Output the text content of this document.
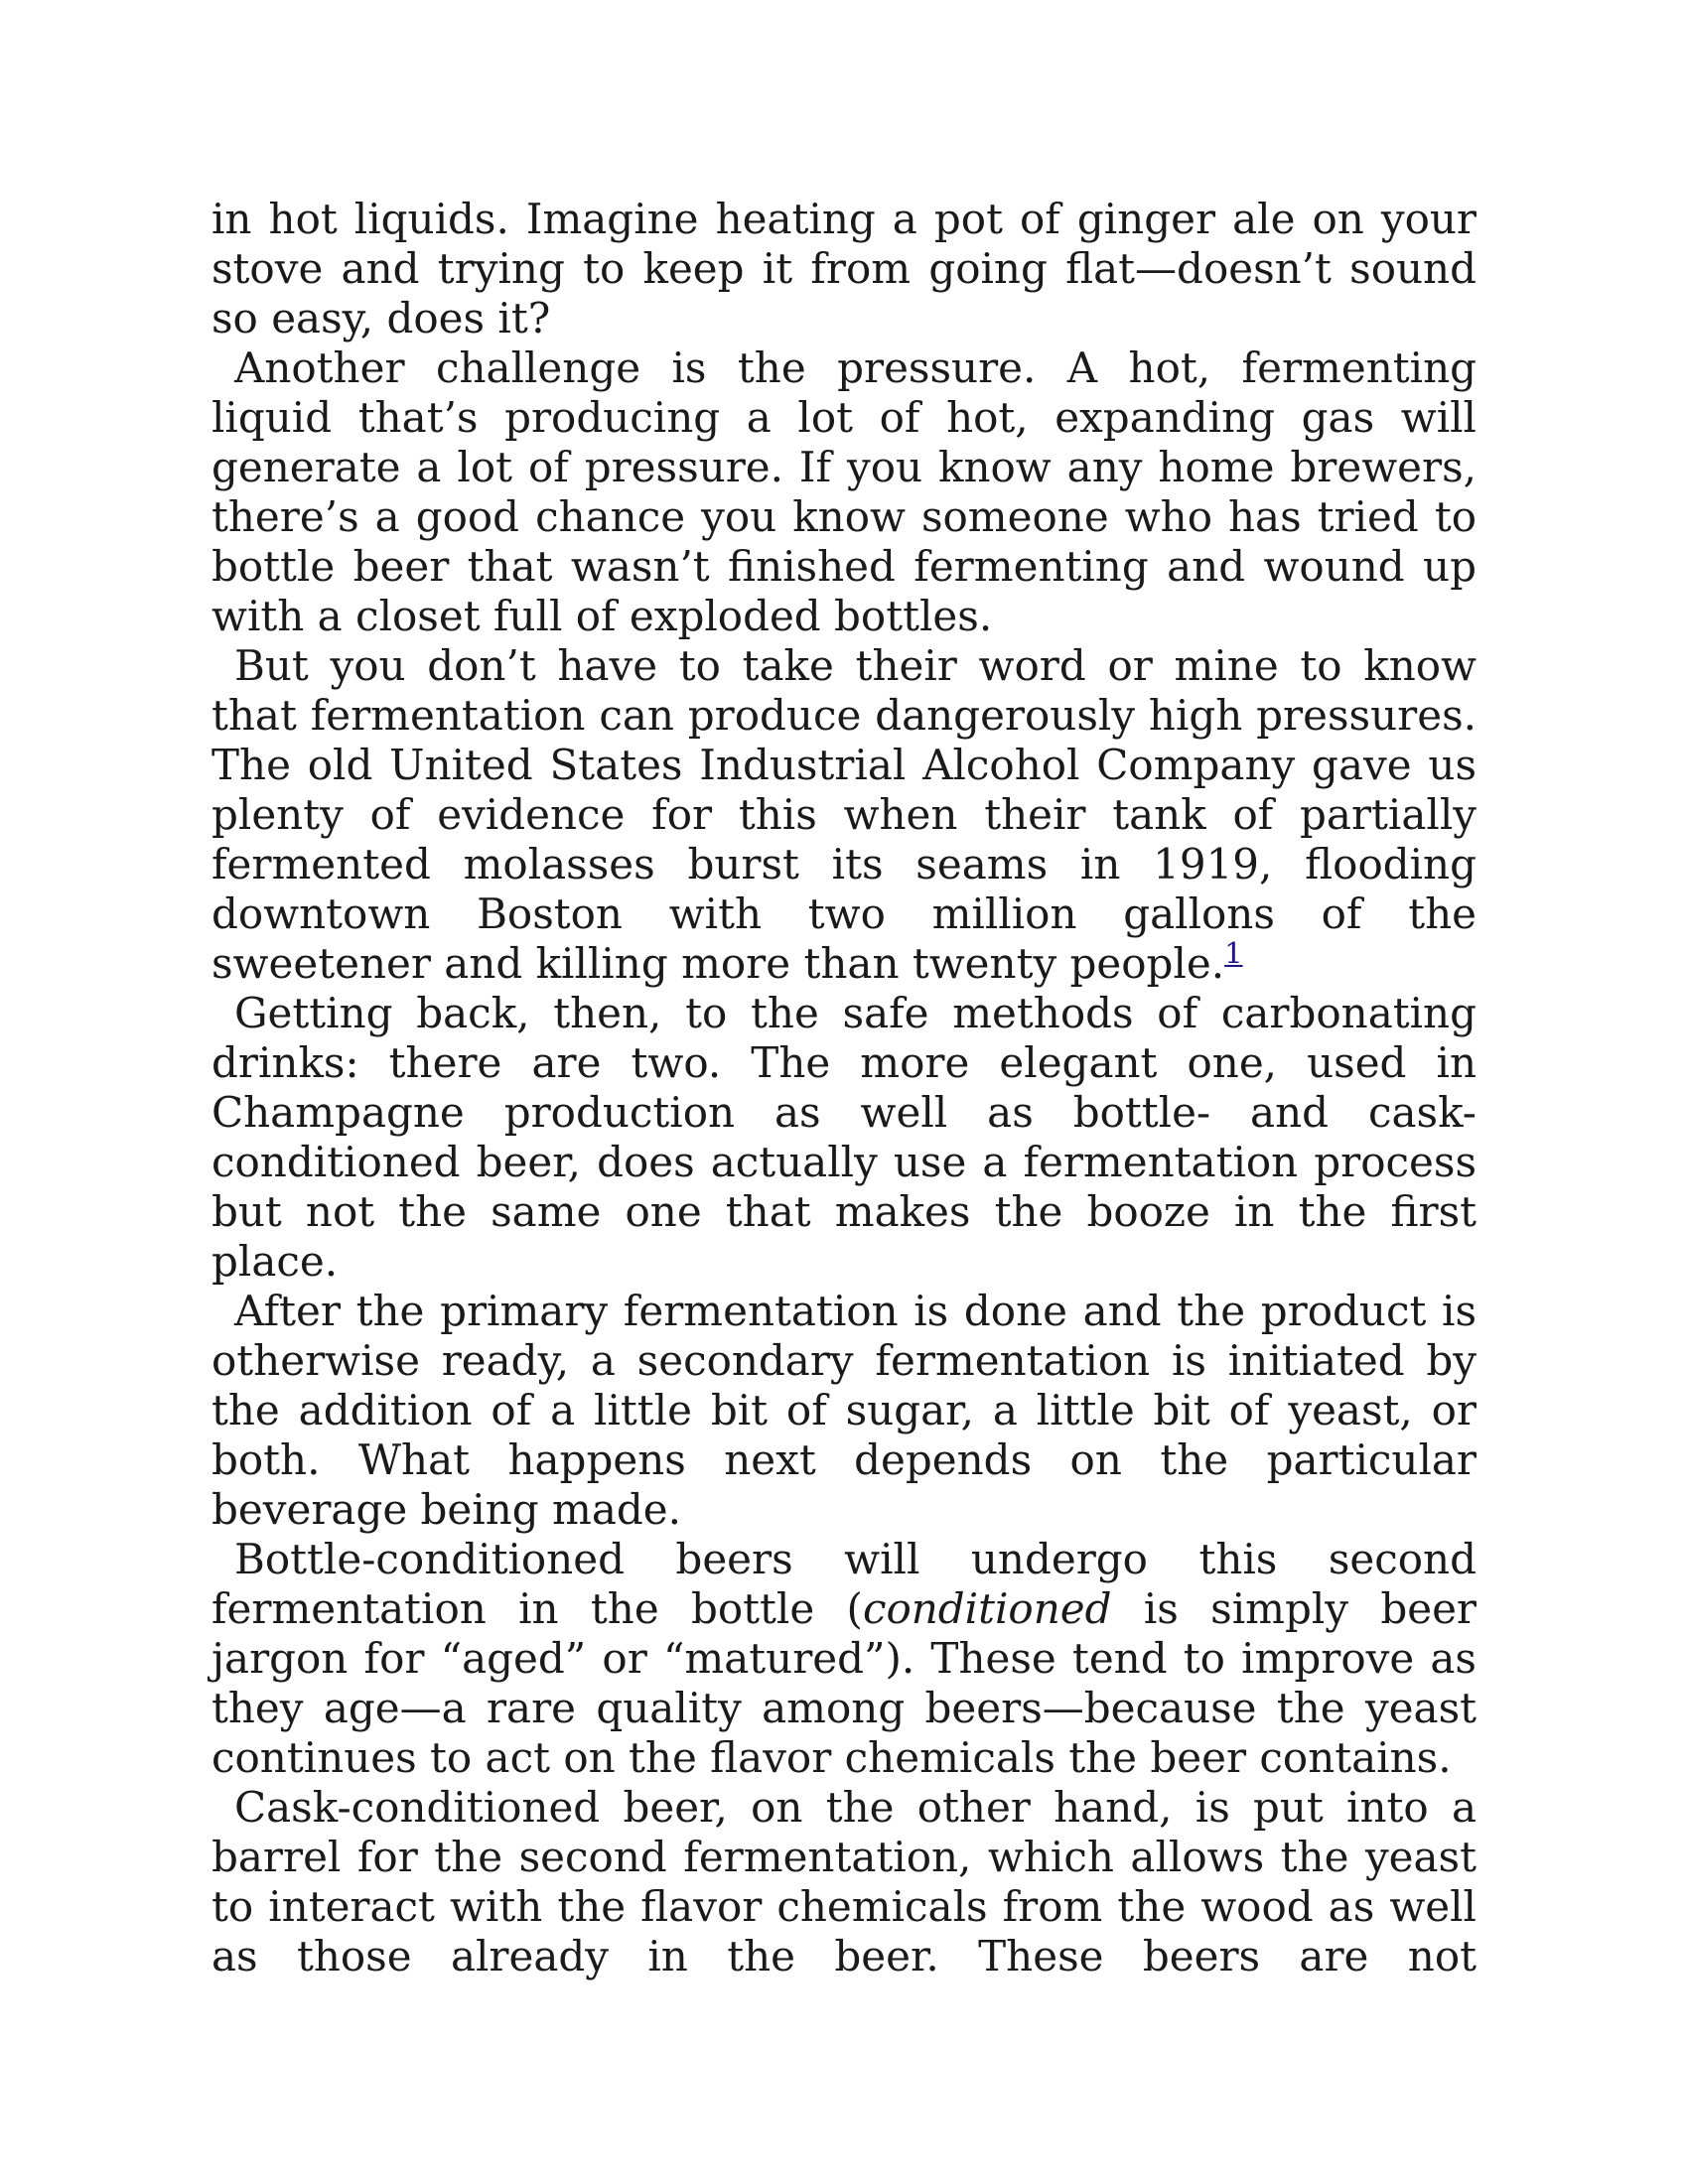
in hot liquids. Imagine heating a pot of ginger ale on your stove and trying to keep it from going flat—doesn’t sound so easy, does it?

Another challenge is the pressure. A hot, fermenting liquid that’s producing a lot of hot, expanding gas will generate a lot of pressure. If you know any home brewers, there’s a good chance you know someone who has tried to bottle beer that wasn’t finished fermenting and wound up with a closet full of exploded bottles.

But you don’t have to take their word or mine to know that fermentation can produce dangerously high pressures. The old United States Industrial Alcohol Company gave us plenty of evidence for this when their tank of partially fermented molasses burst its seams in 1919, flooding downtown Boston with two million gallons of the sweetener and killing more than twenty people.$^1$

Getting back, then, to the safe methods of carbonating drinks: there are two. The more elegant one, used in Champagne production as well as bottle- and cask-conditioned beer, does actually use a fermentation process but not the same one that makes the booze in the first place.

After the primary fermentation is done and the product is otherwise ready, a secondary fermentation is initiated by the addition of a little bit of sugar, a little bit of yeast, or both. What happens next depends on the particular beverage being made.

Bottle-conditioned beers will undergo this second fermentation in the bottle (conditioned is simply beer jargon for “aged” or “matured”). These tend to improve as they age—a rare quality among beers—because the yeast continues to act on the flavor chemicals the beer contains.

Cask-conditioned beer, on the other hand, is put into a barrel for the second fermentation, which allows the yeast to interact with the flavor chemicals from the wood as well as those already in the beer. These beers are not
